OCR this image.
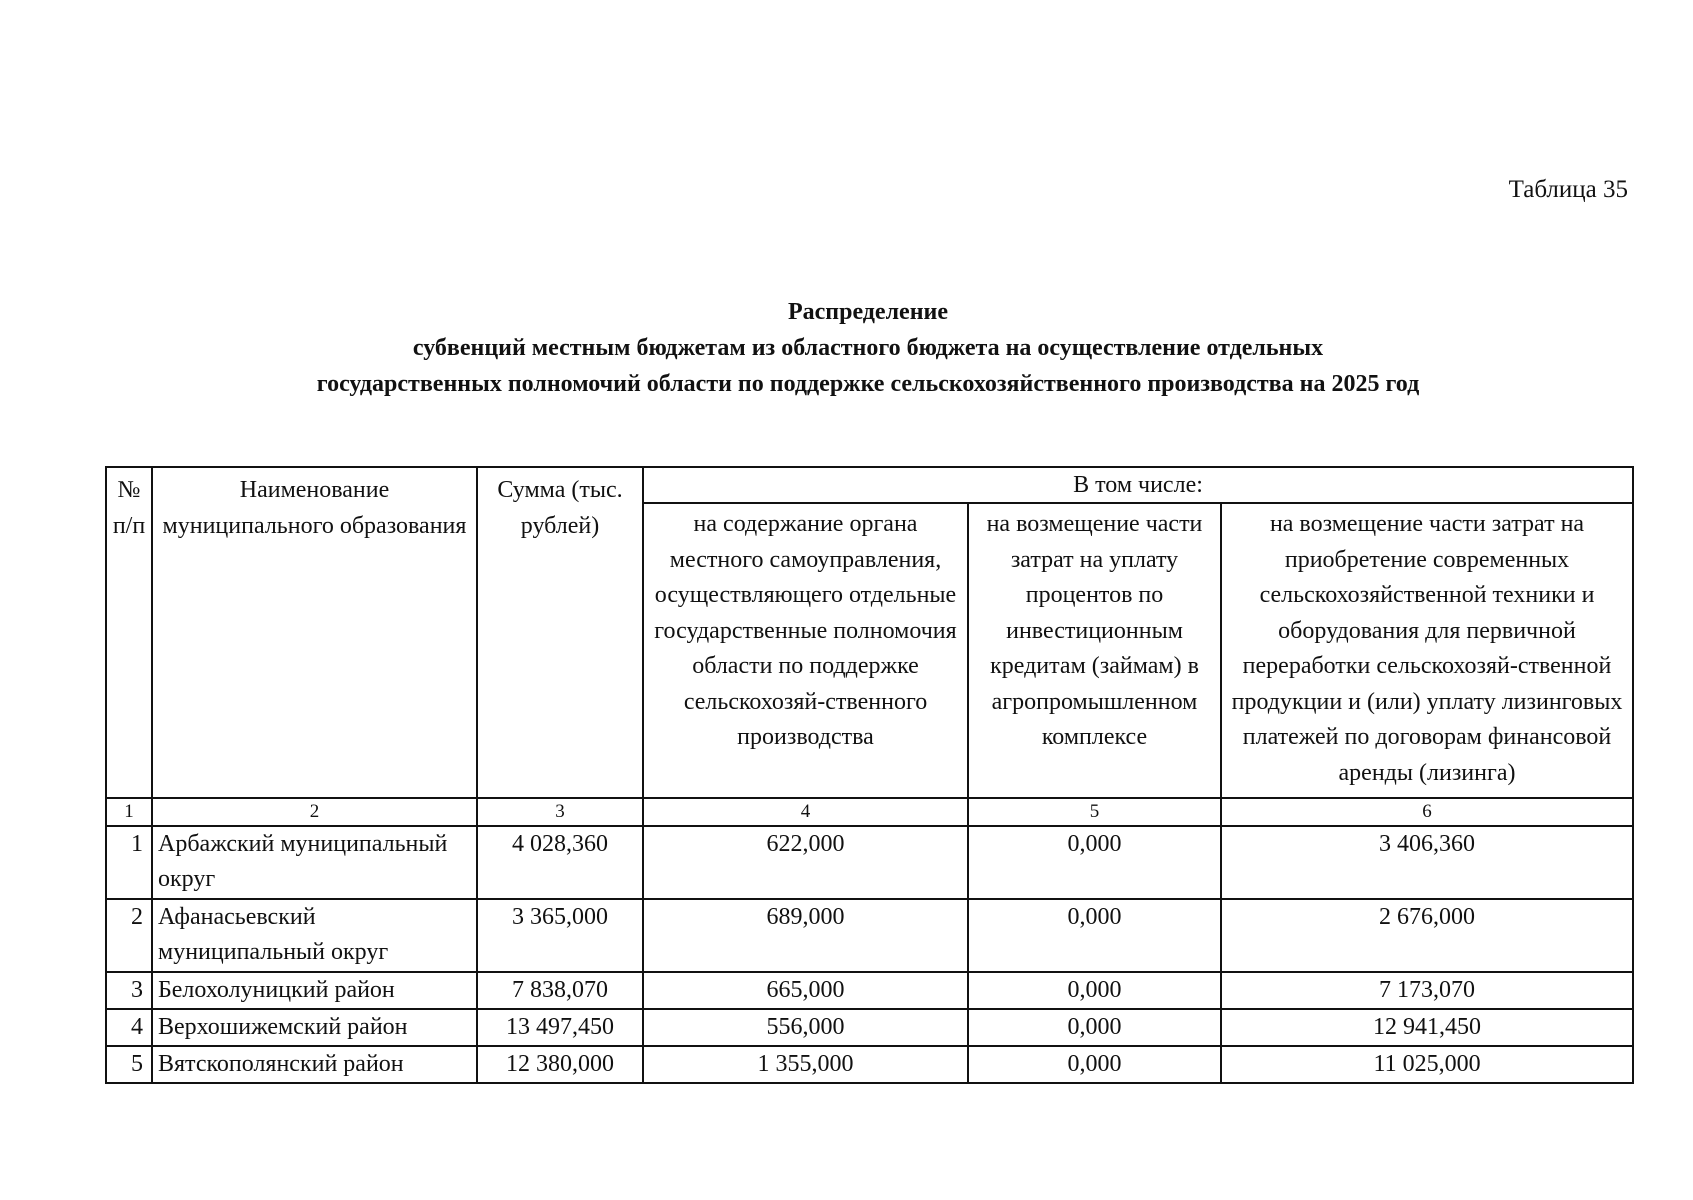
Таблица 35
Распределение
субвенций местным бюджетам из областного бюджета на осуществление отдельных
государственных полномочий области по поддержке сельскохозяйственного производства на 2025 год
№ п/п	Наименование муниципального образования	Сумма (тыс. рублей)	В том числе:		
			на содержание органа местного самоуправления, осуществляющего отдельные государственные полномочия области по поддержке сельскохозяй-ственного производства	на возмещение части затрат на уплату процентов по инвестиционным кредитам (займам) в агропромышленном комплексе	на возмещение части затрат на приобретение современных сельскохозяйственной техники и оборудования для первичной переработки сельскохозяй-ственной продукции и (или) уплату лизинговых платежей по договорам финансовой аренды (лизинга)
1	2	3	4	5	6
1	Арбажский муниципальный округ	4 028,360	622,000	0,000	3 406,360
2	Афанасьевский муниципальный округ	3 365,000	689,000	0,000	2 676,000
3	Белохолуницкий район	7 838,070	665,000	0,000	7 173,070
4	Верхошижемский район	13 497,450	556,000	0,000	12 941,450
5	Вятскополянский район	12 380,000	1 355,000	0,000	11 025,000
